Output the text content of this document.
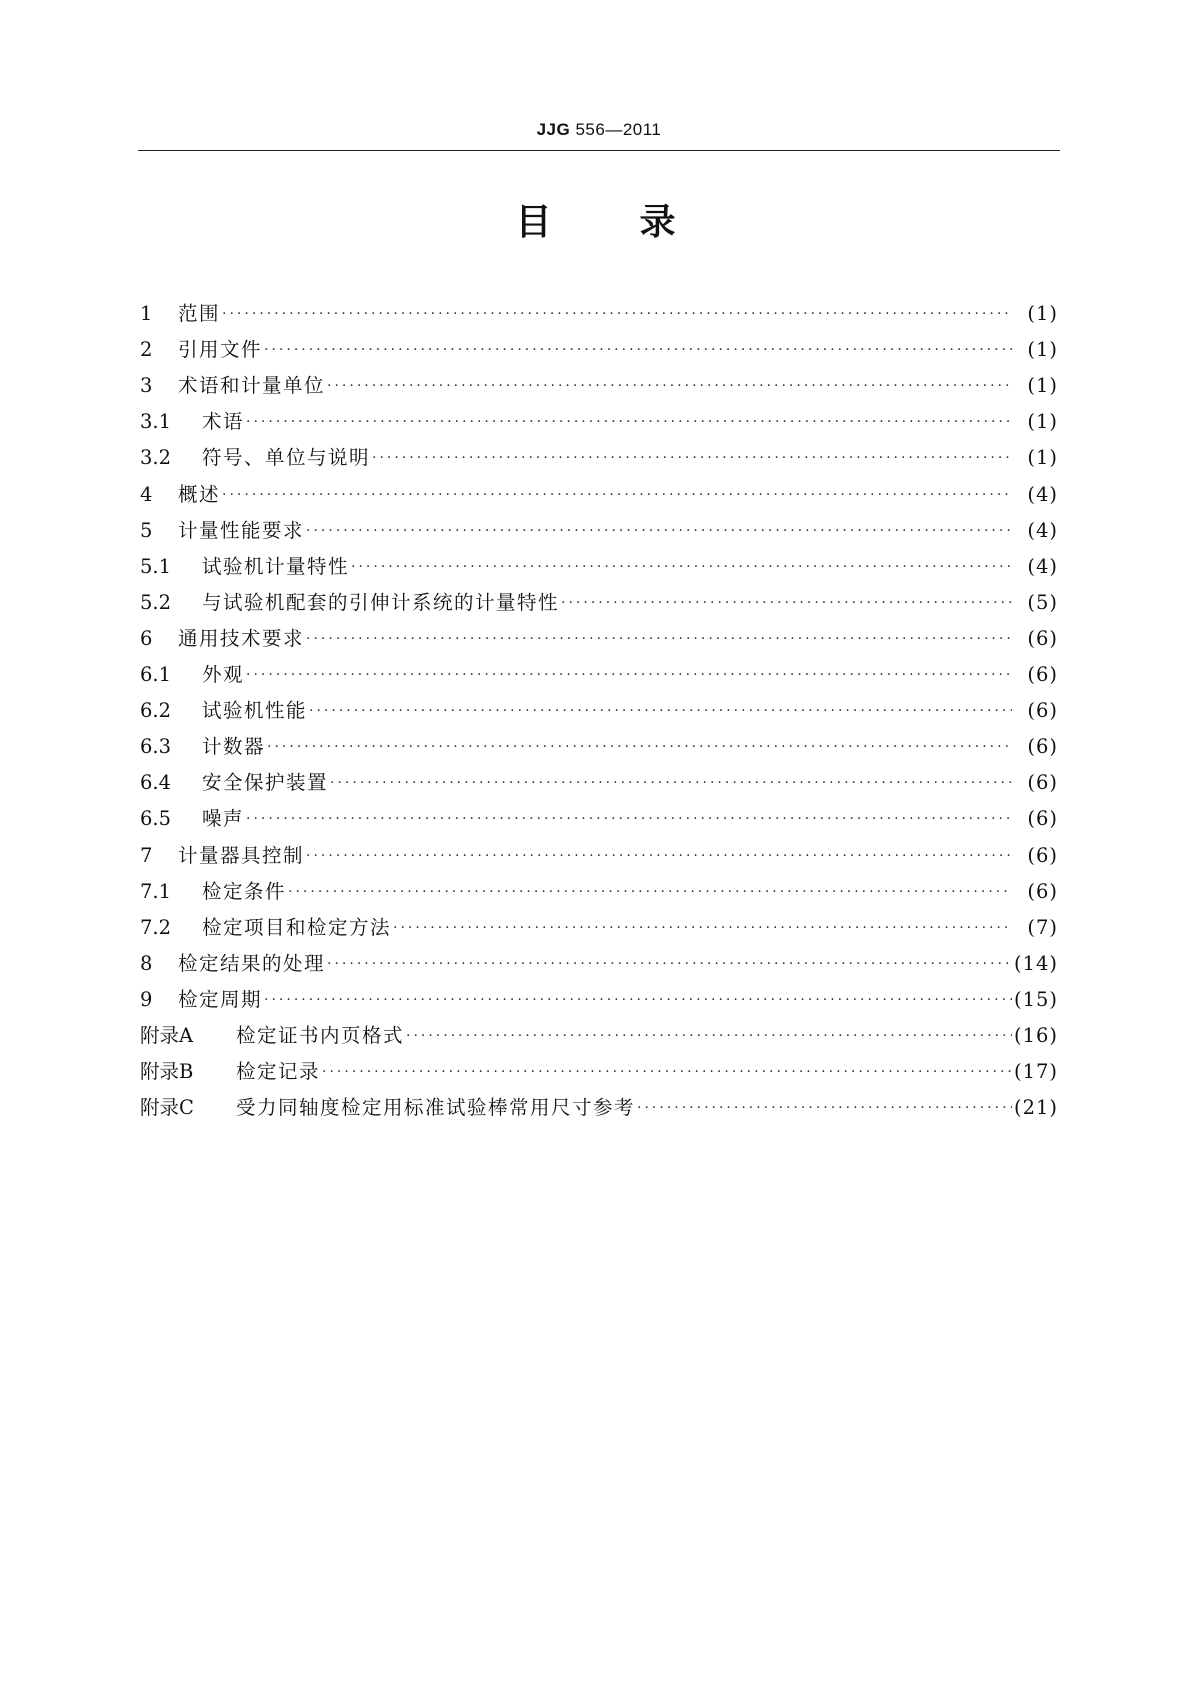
JJG 556—2011
目 录
1	范围 ·····	(1)
2	引用文件 ·····	(1)
3	术语和计量单位 ·····	(1)
3.1	术语 ·····	(1)
3.2	符号、单位与说明 ·····	(1)
4	概述 ·····	(4)
5	计量性能要求 ·····	(4)
5.1	试验机计量特性 ·····	(4)
5.2	与试验机配套的引伸计系统的计量特性 ·····	(5)
6	通用技术要求 ·····	(6)
6.1	外观 ·····	(6)
6.2	试验机性能 ·····	(6)
6.3	计数器 ·····	(6)
6.4	安全保护装置 ·····	(6)
6.5	噪声 ·····	(6)
7	计量器具控制 ·····	(6)
7.1	检定条件 ·····	(6)
7.2	检定项目和检定方法 ·····	(7)
8	检定结果的处理 ·····	(14)
9	检定周期 ·····	(15)
附录A	检定证书内页格式 ·····	(16)
附录B	检定记录 ·····	(17)
附录C	受力同轴度检定用标准试验棒常用尺寸参考 ·····	(21)
